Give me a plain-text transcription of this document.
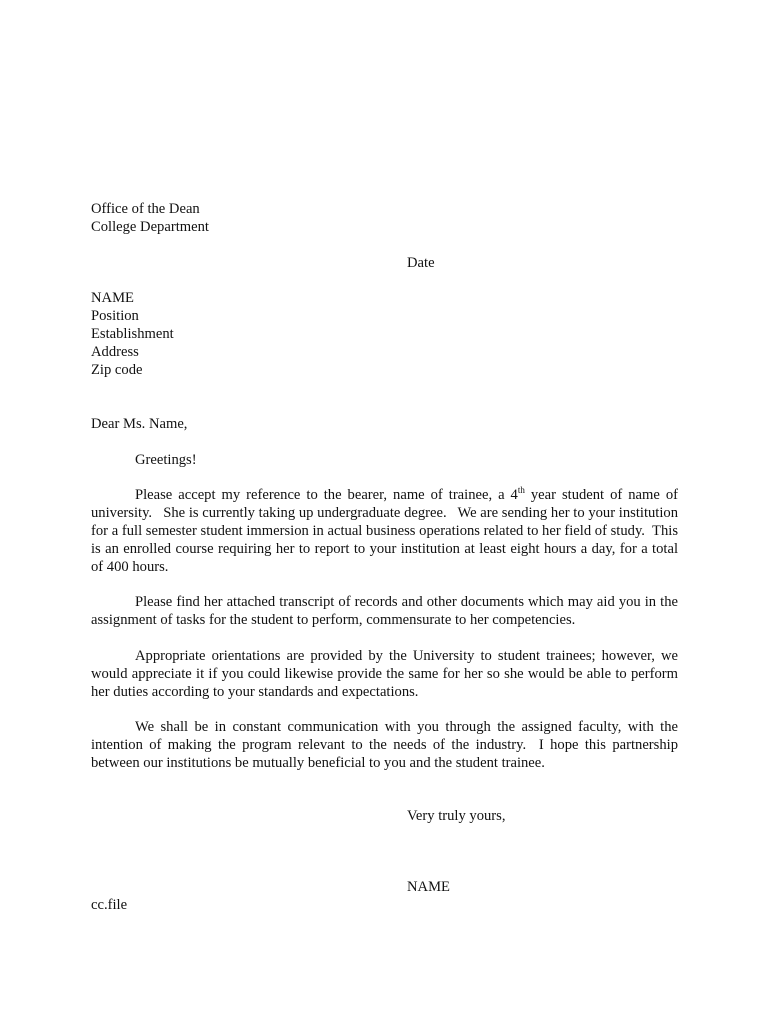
Office of the Dean
College Department
Date
NAME
Position
Establishment
Address
Zip code
Dear Ms. Name,
Greetings!
Please accept my reference to the bearer, name of trainee, a 4th year student of name of university.   She is currently taking up undergraduate degree.   We are sending her to your institution for a full semester student immersion in actual business operations related to her field of study.  This is an enrolled course requiring her to report to your institution at least eight hours a day, for a total of 400 hours.
Please find her attached transcript of records and other documents which may aid you in the assignment of tasks for the student to perform, commensurate to her competencies.
Appropriate orientations are provided by the University to student trainees; however, we would appreciate it if you could likewise provide the same for her so she would be able to perform her duties according to your standards and expectations.
We shall be in constant communication with you through the assigned faculty, with the intention of making the program relevant to the needs of the industry.  I hope this partnership between our institutions be mutually beneficial to you and the student trainee.
Very truly yours,
NAME
cc.file
